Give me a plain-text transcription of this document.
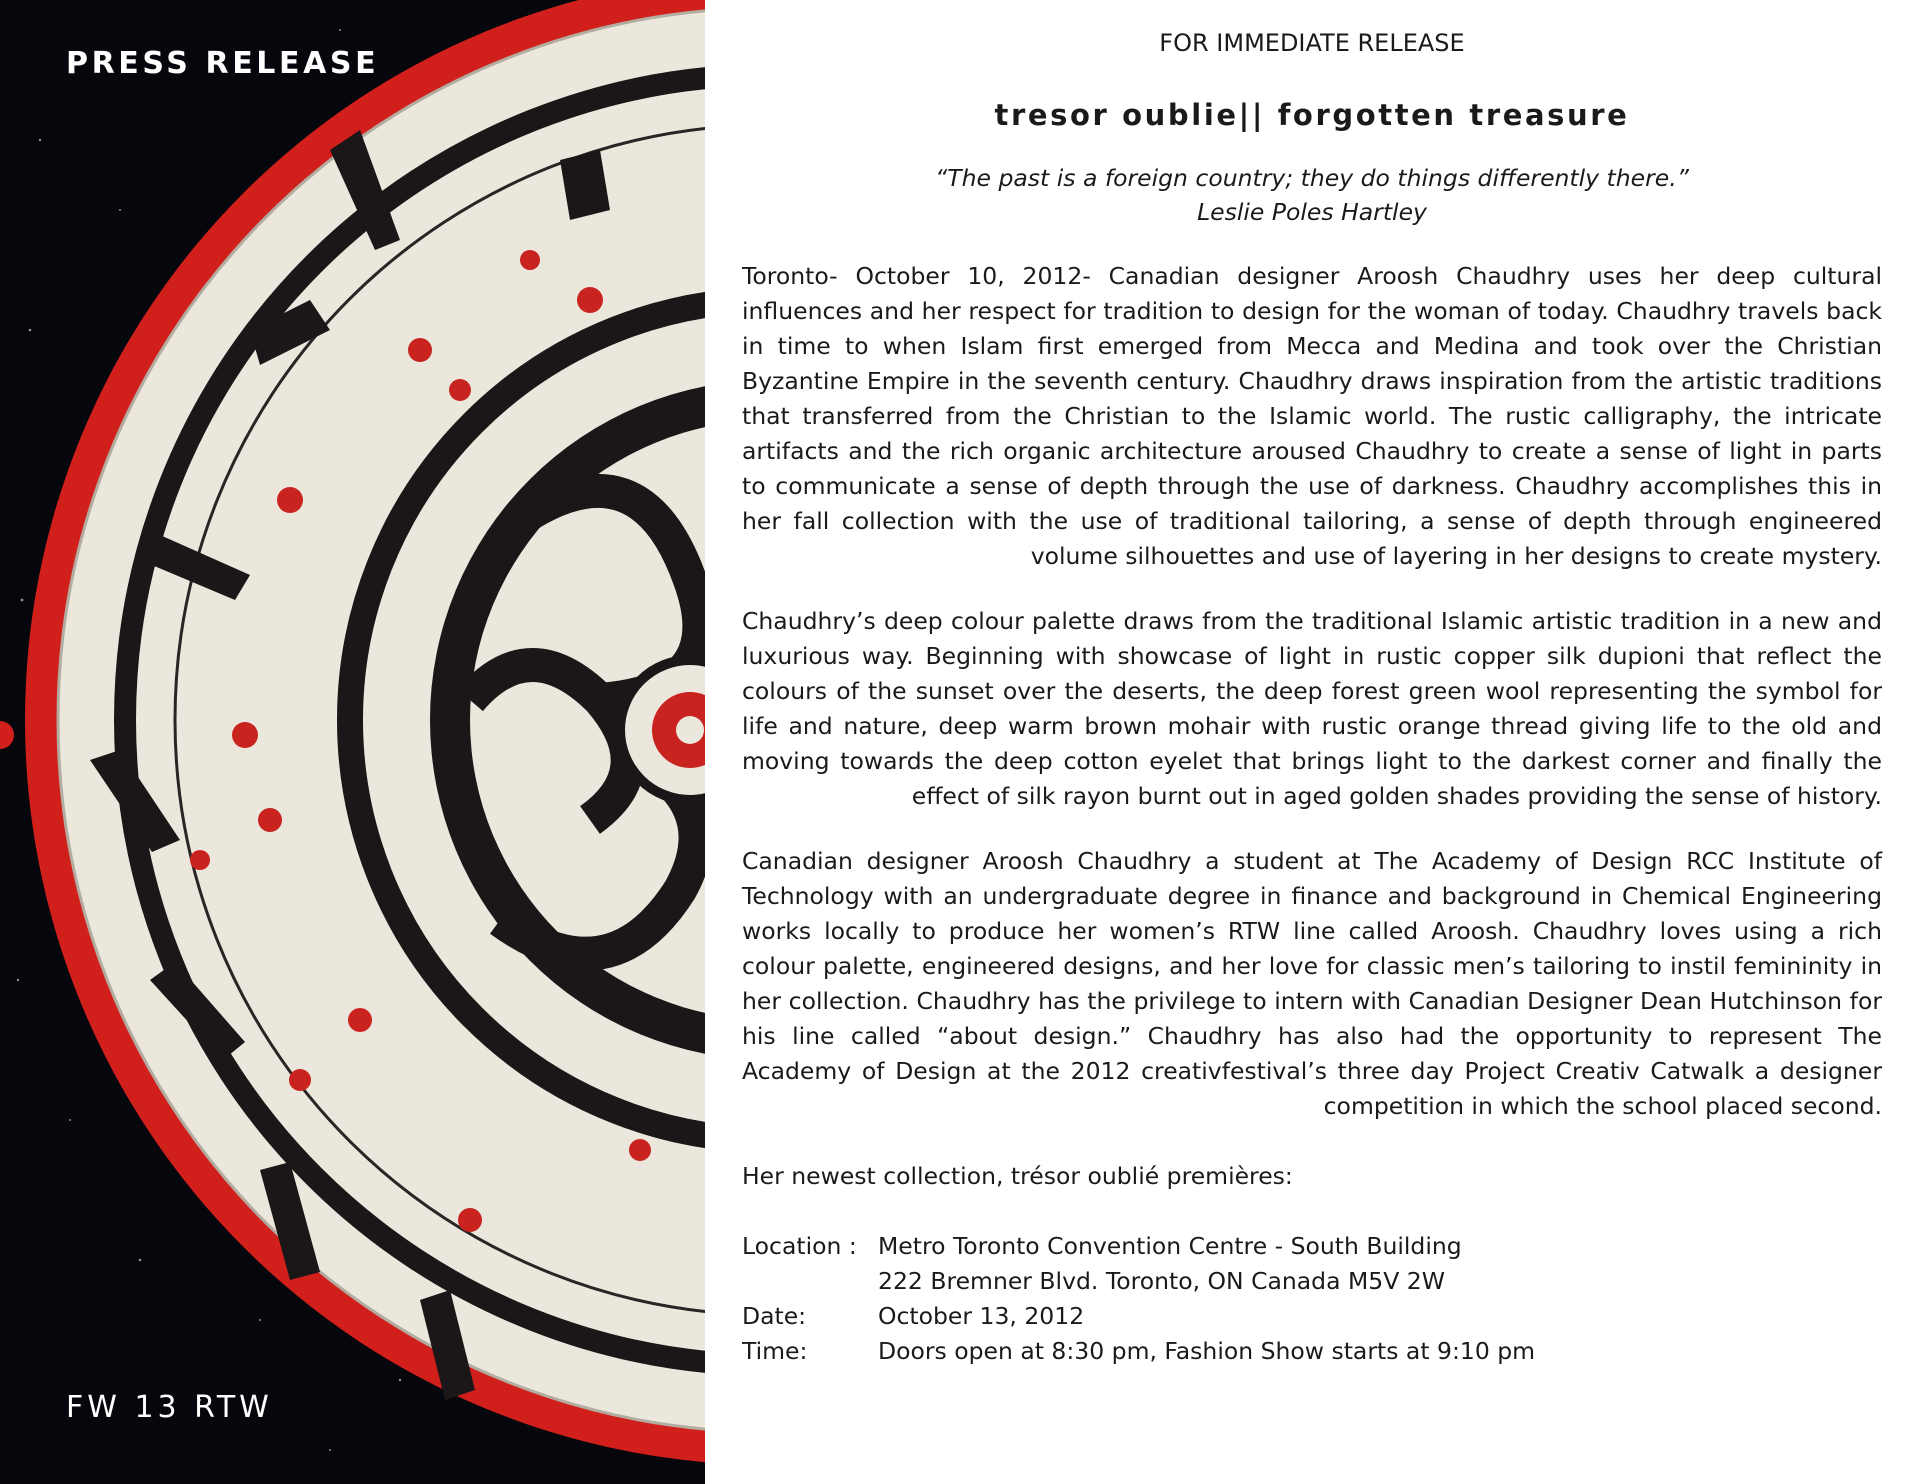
PRESS RELEASE
FW 13 RTW

FOR IMMEDIATE RELEASE

tresor oublie|| forgotten treasure
“The past is a foreign country; they do things differently there.”
Leslie Poles Hartley

Toronto- October 10, 2012- Canadian designer Aroosh Chaudhry uses her deep cultural influences and her respect for tradition to design for the woman of today. Chaudhry travels back in time to when Islam first emerged from Mecca and Medina and took over the Christian Byzantine Empire in the seventh century. Chaudhry draws inspiration from the artistic traditions that transferred from the Christian to the Islamic world. The rustic calligraphy, the intricate artifacts and the rich organic architecture aroused Chaudhry to create a sense of light in parts to communicate a sense of depth through the use of darkness. Chaudhry accomplishes this in her fall collection with the use of traditional tailoring, a sense of depth through engineered volume silhouettes and use of layering in her designs to create mystery.

Chaudhry’s deep colour palette draws from the traditional Islamic artistic tradition in a new and luxurious way. Beginning with showcase of light in rustic copper silk dupioni that reflect the colours of the sunset over the deserts, the deep forest green wool representing the symbol for life and nature, deep warm brown mohair with rustic orange thread giving life to the old and moving towards the deep cotton eyelet that brings light to the darkest corner and finally the effect of silk rayon burnt out in aged golden shades providing the sense of history.

Canadian designer Aroosh Chaudhry a student at The Academy of Design RCC Institute of Technology with an undergraduate degree in finance and background in Chemical Engineering works locally to produce her women’s RTW line called Aroosh. Chaudhry loves using a rich colour palette, engineered designs, and her love for classic men’s tailoring to instil femininity in her collection. Chaudhry has the privilege to intern with Canadian Designer Dean Hutchinson for his line called “about design.” Chaudhry has also had the opportunity to represent The Academy of Design at the 2012 creativfestival’s three day Project Creativ Catwalk a designer competition in which the school placed second.

Her newest collection, trésor oublié premières:

Location : Metro Toronto Convention Centre - South Building
222 Bremner Blvd. Toronto, ON Canada M5V 2W
Date:	October 13, 2012
Time:	Doors open at 8:30 pm, Fashion Show starts at 9:10 pm
